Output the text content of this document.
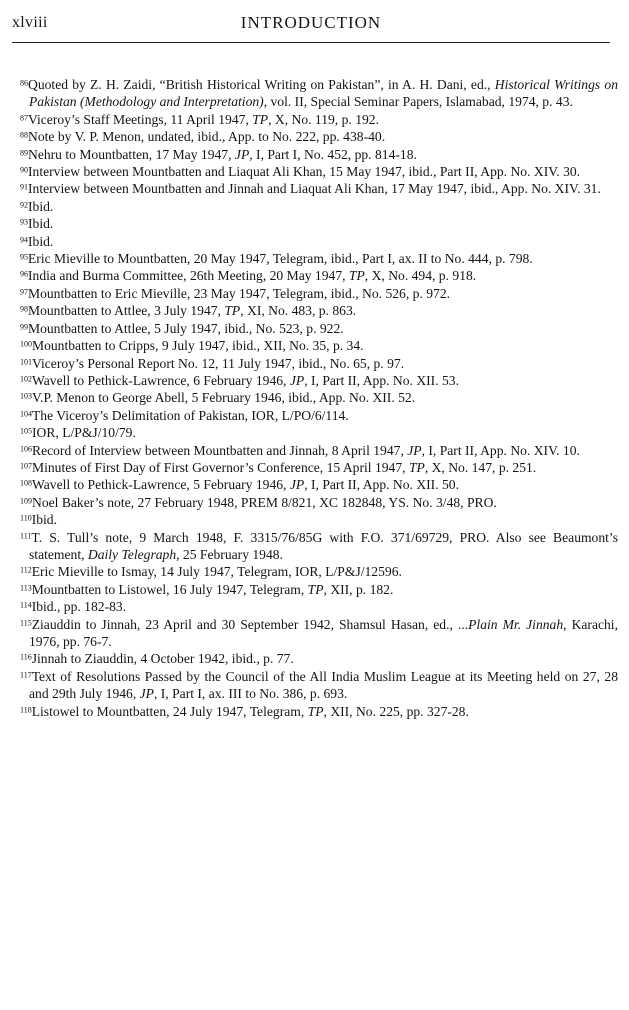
xlviii	INTRODUCTION

$^{86}$Quoted by Z. H. Zaidi, “British Historical Writing on Pakistan”, in A. H. Dani, ed., Historical Writings on Pakistan (Methodology and Interpretation), vol. II, Special Seminar Papers, Islamabad, 1974, p. 43.

$^{87}$Viceroy’s Staff Meetings, 11 April 1947, TP, X, No. 119, p. 192.

$^{88}$Note by V. P. Menon, undated, ibid., App. to No. 222, pp. 438-40.

$^{89}$Nehru to Mountbatten, 17 May 1947, JP, I, Part I, No. 452, pp. 814-18.

$^{90}$Interview between Mountbatten and Liaquat Ali Khan, 15 May 1947, ibid., Part II, App. No. XIV. 30.

$^{91}$Interview between Mountbatten and Jinnah and Liaquat Ali Khan, 17 May 1947, ibid., App. No. XIV. 31.

$^{92}$Ibid.

$^{93}$Ibid.

$^{94}$Ibid.

$^{95}$Eric Mieville to Mountbatten, 20 May 1947, Telegram, ibid., Part I, ax. II to No. 444, p. 798.

$^{96}$India and Burma Committee, 26th Meeting, 20 May 1947, TP, X, No. 494, p. 918.

$^{97}$Mountbatten to Eric Mieville, 23 May 1947, Telegram, ibid., No. 526, p. 972.

$^{98}$Mountbatten to Attlee, 3 July 1947, TP, XI, No. 483, p. 863.

$^{99}$Mountbatten to Attlee, 5 July 1947, ibid., No. 523, p. 922.

$^{100}$Mountbatten to Cripps, 9 July 1947, ibid., XII, No. 35, p. 34.

$^{101}$Viceroy’s Personal Report No. 12, 11 July 1947, ibid., No. 65, p. 97.

$^{102}$Wavell to Pethick-Lawrence, 6 February 1946, JP, I, Part II, App. No. XII. 53.

$^{103}$V.P. Menon to George Abell, 5 February 1946, ibid., App. No. XII. 52.

$^{104}$The Viceroy’s Delimitation of Pakistan, IOR, L/PO/6/114.

$^{105}$IOR, L/P&J/10/79.

$^{106}$Record of Interview between Mountbatten and Jinnah, 8 April 1947, JP, I, Part II, App. No. XIV. 10.

$^{107}$Minutes of First Day of First Governor’s Conference, 15 April 1947, TP, X, No. 147, p. 251.

$^{108}$Wavell to Pethick-Lawrence, 5 February 1946, JP, I, Part II, App. No. XII. 50.

$^{109}$Noel Baker’s note, 27 February 1948, PREM 8/821, XC 182848, YS. No. 3/48, PRO.

$^{110}$Ibid.

$^{111}$T. S. Tull’s note, 9 March 1948, F. 3315/76/85G with F.O. 371/69729, PRO. Also see Beaumont’s statement, Daily Telegraph, 25 February 1948.

$^{112}$Eric Mieville to Ismay, 14 July 1947, Telegram, IOR, L/P&J/12596.

$^{113}$Mountbatten to Listowel, 16 July 1947, Telegram, TP, XII, p. 182.

$^{114}$Ibid., pp. 182-83.

$^{115}$Ziauddin to Jinnah, 23 April and 30 September 1942, Shamsul Hasan, ed., ...Plain Mr. Jinnah, Karachi, 1976, pp. 76-7.

$^{116}$Jinnah to Ziauddin, 4 October 1942, ibid., p. 77.

$^{117}$Text of Resolutions Passed by the Council of the All India Muslim League at its Meeting held on 27, 28 and 29th July 1946, JP, I, Part I, ax. III to No. 386, p. 693.

$^{118}$Listowel to Mountbatten, 24 July 1947, Telegram, TP, XII, No. 225, pp. 327-28.
